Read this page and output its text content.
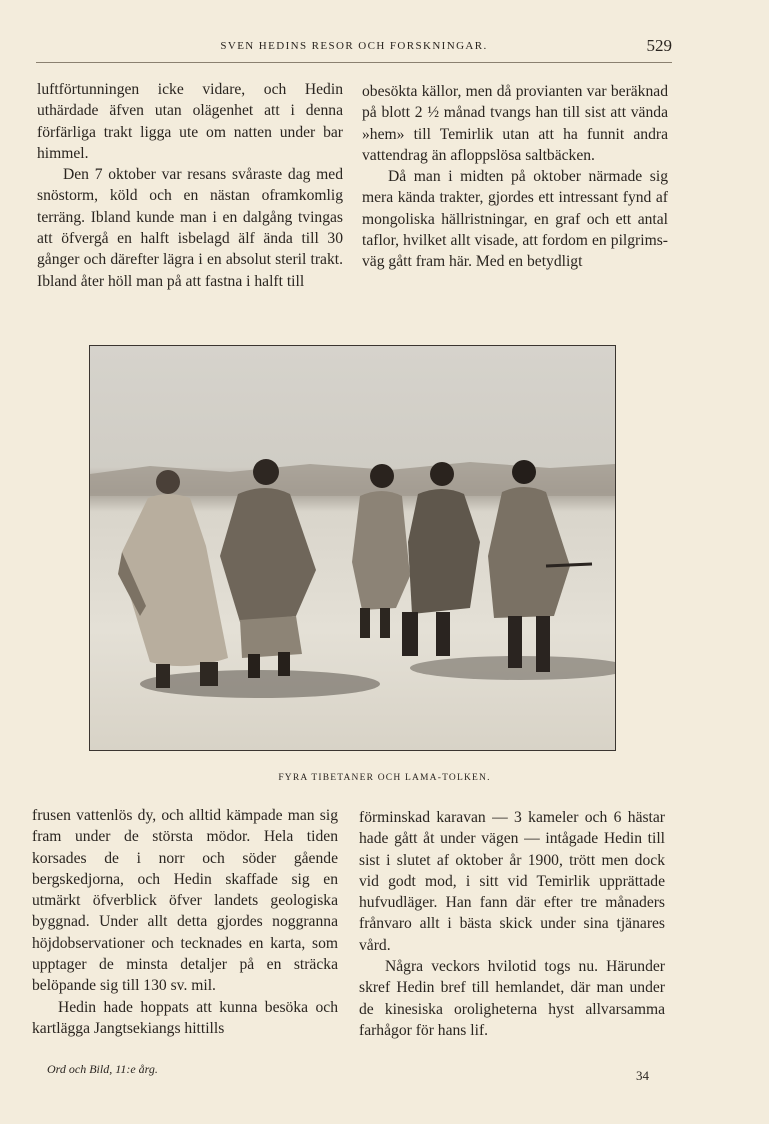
SVEN HEDINS RESOR OCH FORSKNINGAR.	529

luftförtunningen icke vidare, och Hedin uthärdade äfven utan olägenhet att i denna förfärliga trakt ligga ute om natten under bar himmel.

Den 7 oktober var resans svåraste dag med snöstorm, köld och en nästan oframkomlig terräng. Ibland kunde man i en dalgång tvingas att öfvergå en halft isbelagd älf ända till 30 gånger och därefter lägra i en absolut steril trakt. Ibland åter höll man på att fastna i halft till

obesökta källor, men då provianten var beräknad på blott 2 ½ månad tvangs han till sist att vända »hem» till Temirlik utan att ha funnit andra vattendrag än afloppslösa saltbäcken.

Då man i midten på oktober närmade sig mera kända trakter, gjordes ett intressant fynd af mongoliska hällristningar, en graf och ett antal taflor, hvilket allt visade, att fordom en pilgrimsväg gått fram här. Med en betydligt

FYRA TIBETANER OCH LAMA-TOLKEN.

frusen vattenlös dy, och alltid kämpade man sig fram under de största mödor. Hela tiden korsades de i norr och söder gående bergskedjorna, och Hedin skaffade sig en utmärkt öfverblick öfver landets geologiska byggnad. Under allt detta gjordes noggranna höjdobservationer och tecknades en karta, som upptager de minsta detaljer på en sträcka belöpande sig till 130 sv. mil.

Hedin hade hoppats att kunna besöka och kartlägga Jangtsekiangs hittills

förminskad karavan — 3 kameler och 6 hästar hade gått åt under vägen — intågade Hedin till sist i slutet af oktober år 1900, trött men dock vid godt mod, i sitt vid Temirlik upprättade hufvudläger. Han fann där efter tre månaders frånvaro allt i bästa skick under sina tjänares vård.

Några veckors hvilotid togs nu. Härunder skref Hedin bref till hemlandet, där man under de kinesiska oroligheterna hyst allvarsamma farhågor för hans lif.

Ord och Bild, 11:e årg.	34
